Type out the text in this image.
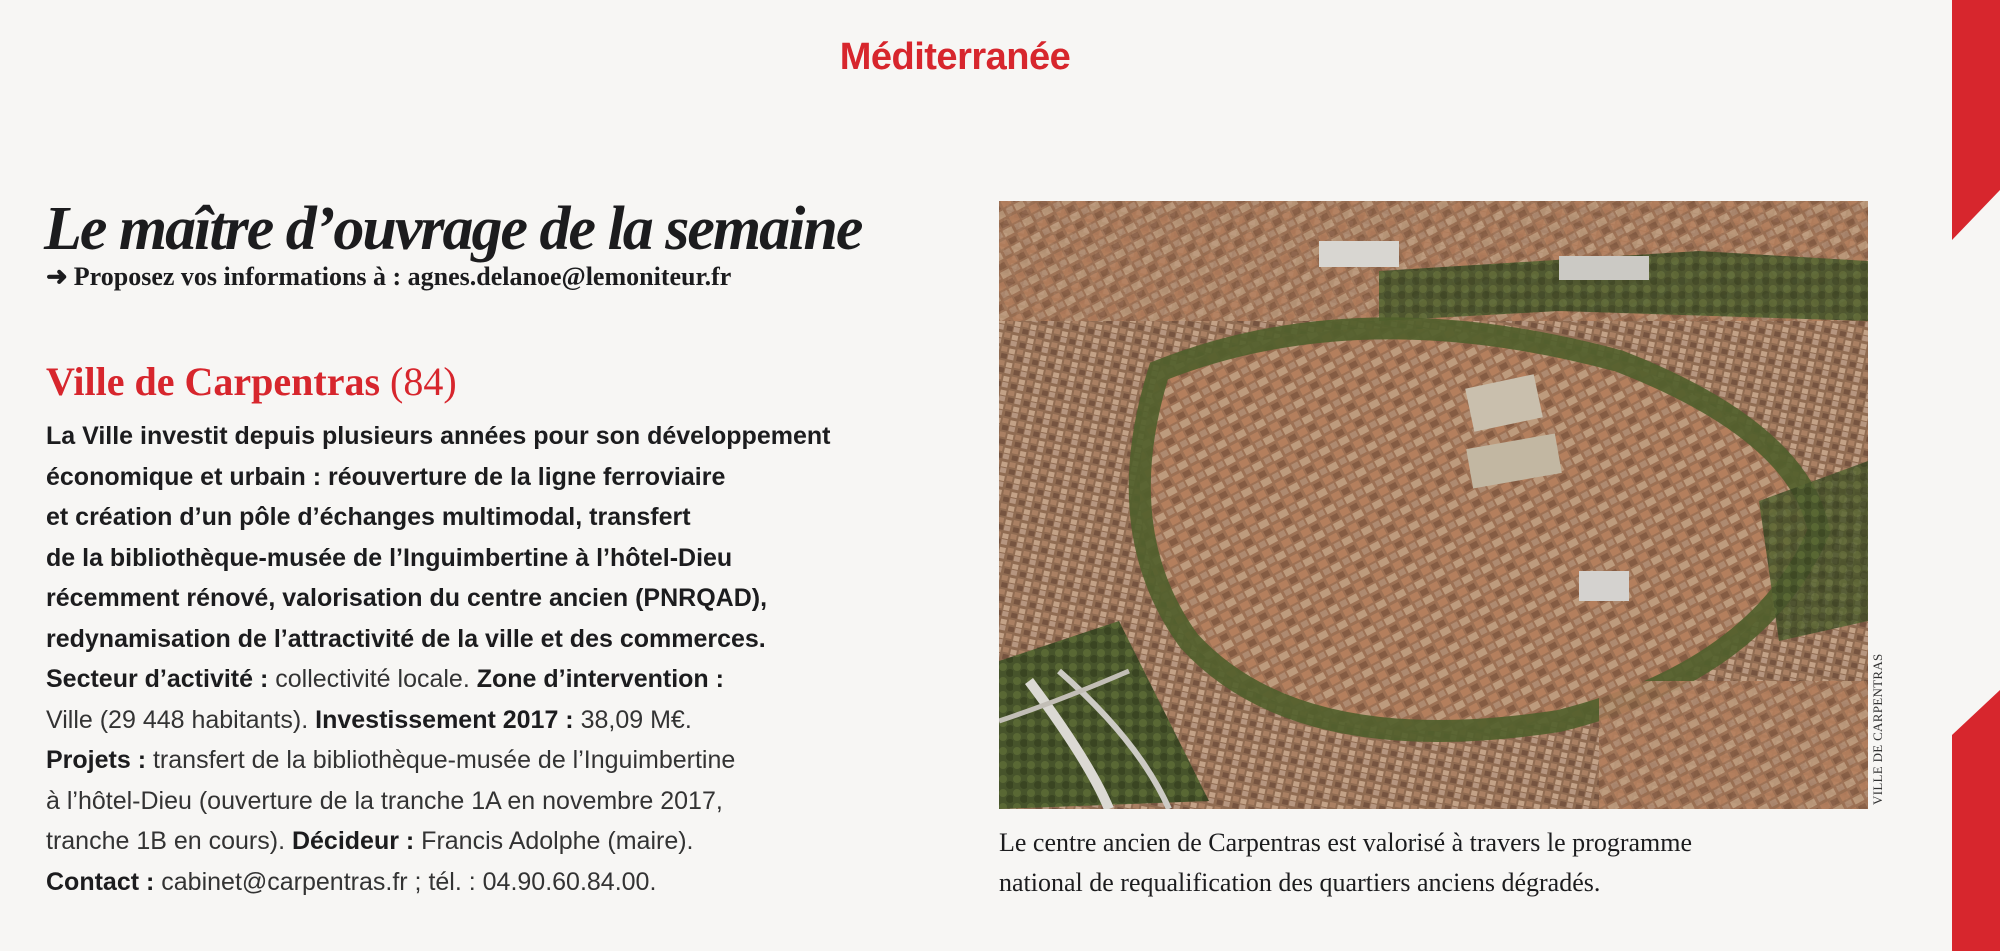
Méditerranée
Le maître d’ouvrage de la semaine
➜ Proposez vos informations à : agnes.delanoe@lemoniteur.fr
Ville de Carpentras (84)
La Ville investit depuis plusieurs années pour son développement
économique et urbain : réouverture de la ligne ferroviaire
et création d’un pôle d’échanges multimodal, transfert
de la bibliothèque-musée de l’Inguimbertine à l’hôtel-Dieu
récemment rénové, valorisation du centre ancien (PNRQAD),
redynamisation de l’attractivité de la ville et des commerces.
Secteur d’activité : collectivité locale. Zone d’intervention :
Ville (29 448 habitants). Investissement 2017 : 38,09 M€.
Projets : transfert de la bibliothèque-musée de l’Inguimbertine
à l’hôtel-Dieu (ouverture de la tranche 1A en novembre 2017,
tranche 1B en cours). Décideur : Francis Adolphe (maire).
Contact : cabinet@carpentras.fr ; tél. : 04.90.60.84.00.
VILLE DE CARPENTRAS
Le centre ancien de Carpentras est valorisé à travers le programme
national de requalification des quartiers anciens dégradés.
